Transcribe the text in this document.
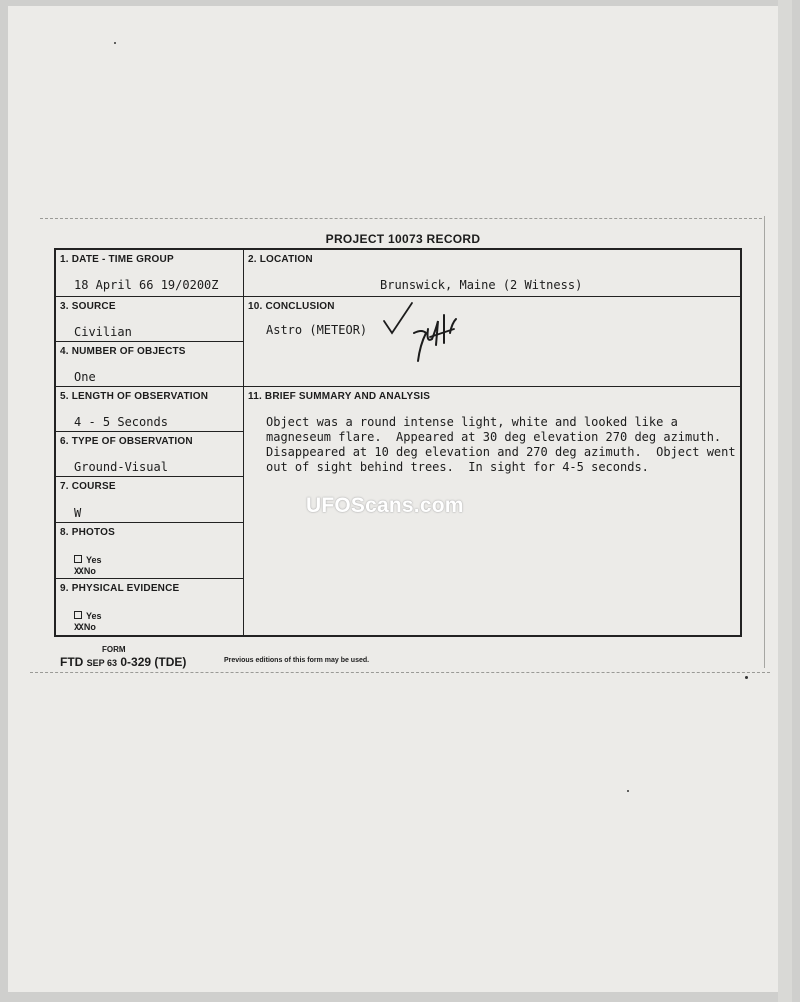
PROJECT 10073 RECORD
1. DATE - TIME GROUP
18 April 66 19/0200Z
2. LOCATION
Brunswick, Maine (2 Witness)
3. SOURCE
Civilian
10. CONCLUSION
Astro (METEOR)
4. NUMBER OF OBJECTS
One
5. LENGTH OF OBSERVATION
4 - 5 Seconds
11. BRIEF SUMMARY AND ANALYSIS
Object was a round intense light, white and looked like a
magneseum flare.  Appeared at 30 deg elevation 270 deg azimuth.
Disappeared at 10 deg elevation and 270 deg azimuth.  Object went
out of sight behind trees.  In sight for 4-5 seconds.
6. TYPE OF OBSERVATION
Ground-Visual
7. COURSE
W
8. PHOTOS
Yes
XXNo
9. PHYSICAL EVIDENCE
Yes
XXNo
UFOScans.com
FORM
FTD SEP 63 0-329 (TDE)	Previous editions of this form may be used.
